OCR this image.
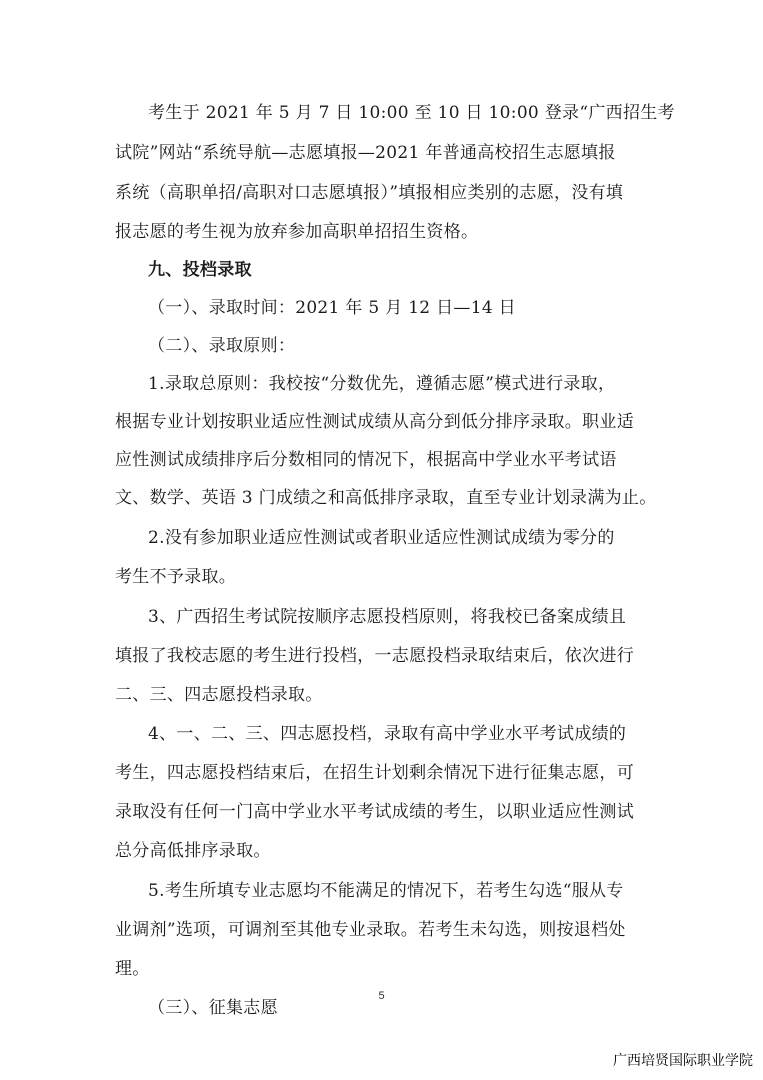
考生于 2021 年 5 月 7 日 10:00 至 10 日 10:00 登录“广西招生考
试院”网站“系统导航—志愿填报—2021 年普通高校招生志愿填报
系统（高职单招/高职对口志愿填报）”填报相应类别的志愿，没有填
报志愿的考生视为放弃参加高职单招招生资格。
九、投档录取
（一）、录取时间：2021 年 5 月 12 日—14 日
（二）、录取原则：
1.录取总原则：我校按“分数优先，遵循志愿”模式进行录取，
根据专业计划按职业适应性测试成绩从高分到低分排序录取。职业适
应性测试成绩排序后分数相同的情况下，根据高中学业水平考试语
文、数学、英语 3 门成绩之和高低排序录取，直至专业计划录满为止。
2.没有参加职业适应性测试或者职业适应性测试成绩为零分的
考生不予录取。
3、广西招生考试院按顺序志愿投档原则，将我校已备案成绩且
填报了我校志愿的考生进行投档，一志愿投档录取结束后，依次进行
二、三、四志愿投档录取。
4、一、二、三、四志愿投档，录取有高中学业水平考试成绩的
考生，四志愿投档结束后，在招生计划剩余情况下进行征集志愿，可
录取没有任何一门高中学业水平考试成绩的考生，以职业适应性测试
总分高低排序录取。
5.考生所填专业志愿均不能满足的情况下，若考生勾选“服从专
业调剂”选项，可调剂至其他专业录取。若考生未勾选，则按退档处
理。
（三）、征集志愿
5
广西培贤国际职业学院
